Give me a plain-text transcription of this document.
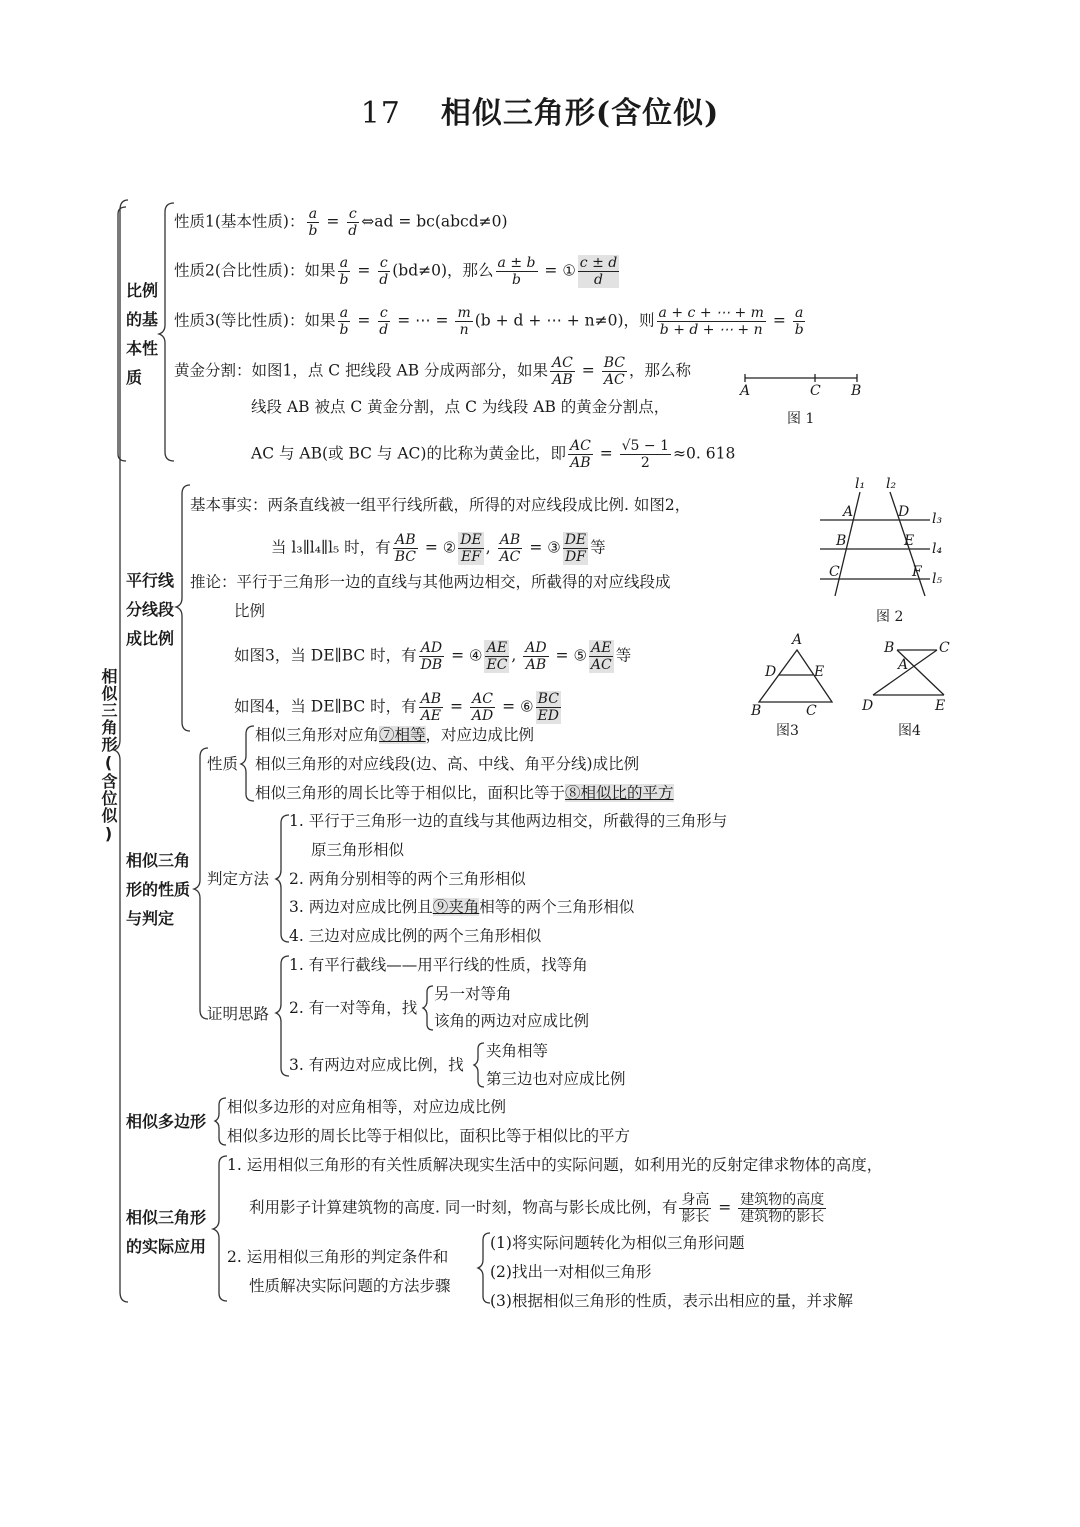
17 相似三角形(含位似)
相似三角形(含位似)
比例的基本性质
性质1(基本性质)： $\frac{a}{b} = \frac{c}{d}$ ⇔ad = bc(abcd≠0)
性质2(合比性质)：如果 $\frac{a}{b} = \frac{c}{d} (bd\ne 0)$，那么 $\frac{a \pm b}{b}$ = ① $\frac{c \pm d}{d}$
性质3(等比性质)：如果 $\frac{a}{b} = \frac{c}{d}$ = ⋯ = $\frac{m}{n} (b + d$ + ⋯ + n≠0)，则 $\frac{a + c + \cdots + m}{b + d + \cdots + n} = \frac{a}{b}$
黄金分割：如图1，点 C 把线段 AB 分成两部分，如果 $\frac{AC}{AB} = \frac{BC}{AC}$ ，那么称
线段 AB 被点 C 黄金分割，点 C 为线段 AB 的黄金分割点，
AC 与 AB(或 BC 与 AC)的比称为黄金比，即 $\frac{AC}{AB} = \frac{√5 - 1}{2} \approx 0$. 618
A	C B
图 1
平行线分线段成比例
基本事实：两条直线被一组平行线所截，所得的对应线段成比例. 如图2，
当 l₃∥l₄∥l₅ 时，有 $\frac{AB}{BC}$ = ② $\frac{DE}{EF}$ , $\frac{AB}{AC}$ = ③ $\frac{DE}{DF}$ 等
推论：平行于三角形一边的直线与其他两边相交，所截得的对应线段成
比例
如图3，当 DE∥BC 时，有 $\frac{AD}{DB}$ = ④ $\frac{AE}{EC}$ , $\frac{AD}{AB}$ = ⑤ $\frac{AE}{AC}$ 等
如图4，当 DE∥BC 时，有 $\frac{AB}{AE} = \frac{AC}{AD}$ = ⑥ $\frac{BC}{ED}$
l₁ l₂
l₃
l₄
l₅
A
B
C
D
E
F
图 2
A
D	E
B	C
图3
B	C
A
D	E
图4
相似三角形的性质与判定
性质
相似三角形对应角⑦相等，对应边成比例
相似三角形的对应线段(边、高、中线、角平分线)成比例
相似三角形的周长比等于相似比，面积比等于⑧相似比的平方
判定方法
1. 平行于三角形一边的直线与其他两边相交，所截得的三角形与
原三角形相似
2. 两角分别相等的两个三角形相似
3. 两边对应成比例且⑨夹角相等的两个三角形相似
4. 三边对应成比例的两个三角形相似
证明思路
1. 有平行截线——用平行线的性质，找等角
2. 有一对等角，找
另一对等角
该角的两边对应成比例
3. 有两边对应成比例，找
夹角相等
第三边也对应成比例
相似多边形
相似多边形的对应角相等，对应边成比例
相似多边形的周长比等于相似比，面积比等于相似比的平方
相似三角形的实际应用
1. 运用相似三角形的有关性质解决现实生活中的实际问题，如利用光的反射定律求物体的高度，
利用影子计算建筑物的高度. 同一时刻，物高与影长成比例，有 $\frac{\text{身高}}{\text{影长}} = \frac{\text{建筑物的高度}}{\text{建筑物的影长}}$
2. 运用相似三角形的判定条件和
性质解决实际问题的方法步骤
(1)将实际问题转化为相似三角形问题
(2)找出一对相似三角形
(3)根据相似三角形的性质，表示出相应的量，并求解
